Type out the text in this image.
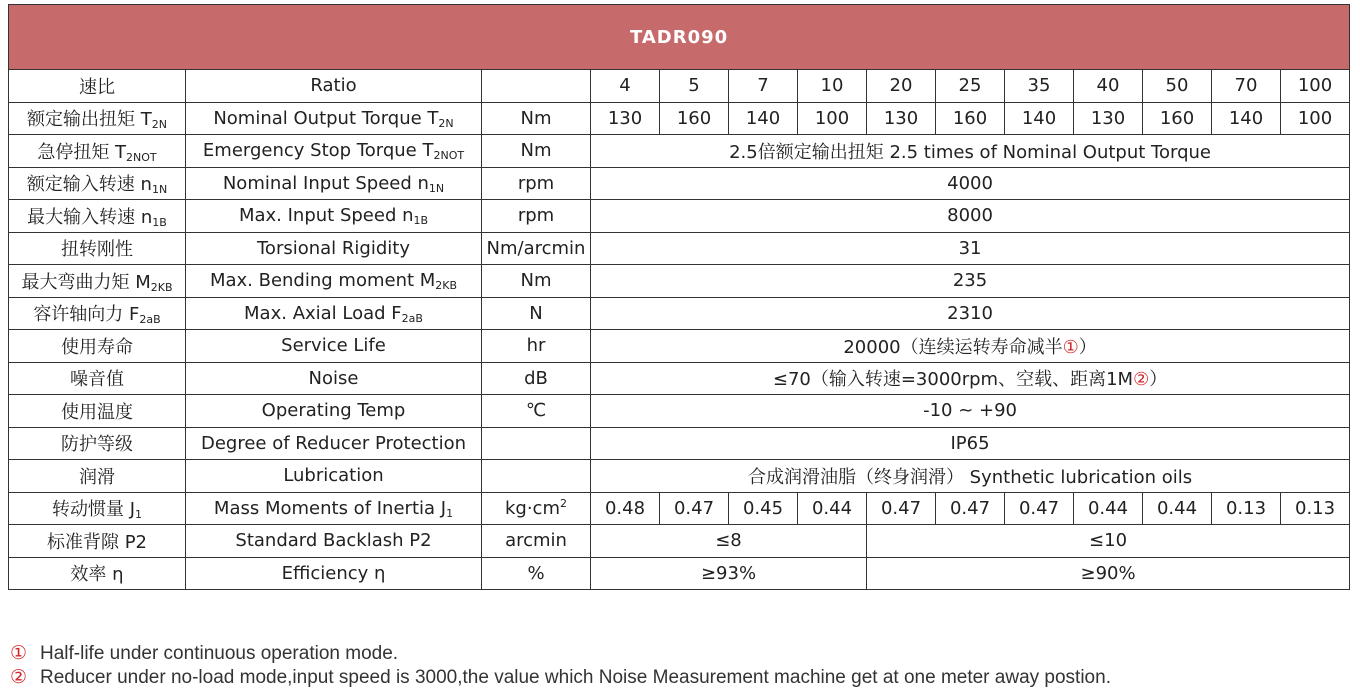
TADR090													
速比	Ratio		4	5	7	10	20	25	35	40	50	70	100
额定输出扭矩 $T_{2N}$	Nominal Output Torque $T_{2N}$	Nm	130	160	140	100	130	160	140	130	160	140	100
急停扭矩 $T_{2NOT}$	Emergency Stop Torque $T_{2NOT}$	Nm	2.5倍额定输出扭矩 2.5 times of Nominal Output Torque										
额定输入转速 $n_{1N}$	Nominal Input Speed $n_{1N}$	rpm	4000										
最大输入转速 $n_{1B}$	Max. Input Speed $n_{1B}$	rpm	8000										
扭转刚性	Torsional Rigidity	Nm/arcmin	31										
最大弯曲力矩 $M_{2KB}$	Max. Bending moment $M_{2KB}$	Nm	235										
容许轴向力 $F_{2aB}$	Max. Axial Load $F_{2aB}$	N	2310										
使用寿命	Service Life	hr	20000（连续运转寿命减半①）										
噪音值	Noise	dB	≤70（输入转速=3000rpm、空载、距离1M②）										
使用温度	Operating Temp	℃	-10 ~ +90										
防护等级	Degree of Reducer Protection		IP65										
润滑	Lubrication		合成润滑油脂（终身润滑） Synthetic lubrication oils										
转动惯量 $J_1$	Mass Moments of Inertia $J_1$	$kg\cdot cm^2$	0.48	0.47	0.45	0.44	0.47	0.47	0.47	0.44	0.44	0.13	0.13
标准背隙 P2	Standard Backlash P2	arcmin	≤8				≤10						
效率 η	Efficiency η	%	≥93%				≥90%						
① Half-life under continuous operation mode.
② Reducer under no-load mode,input speed is 3000,the value which Noise Measurement machine get at one meter away postion.
